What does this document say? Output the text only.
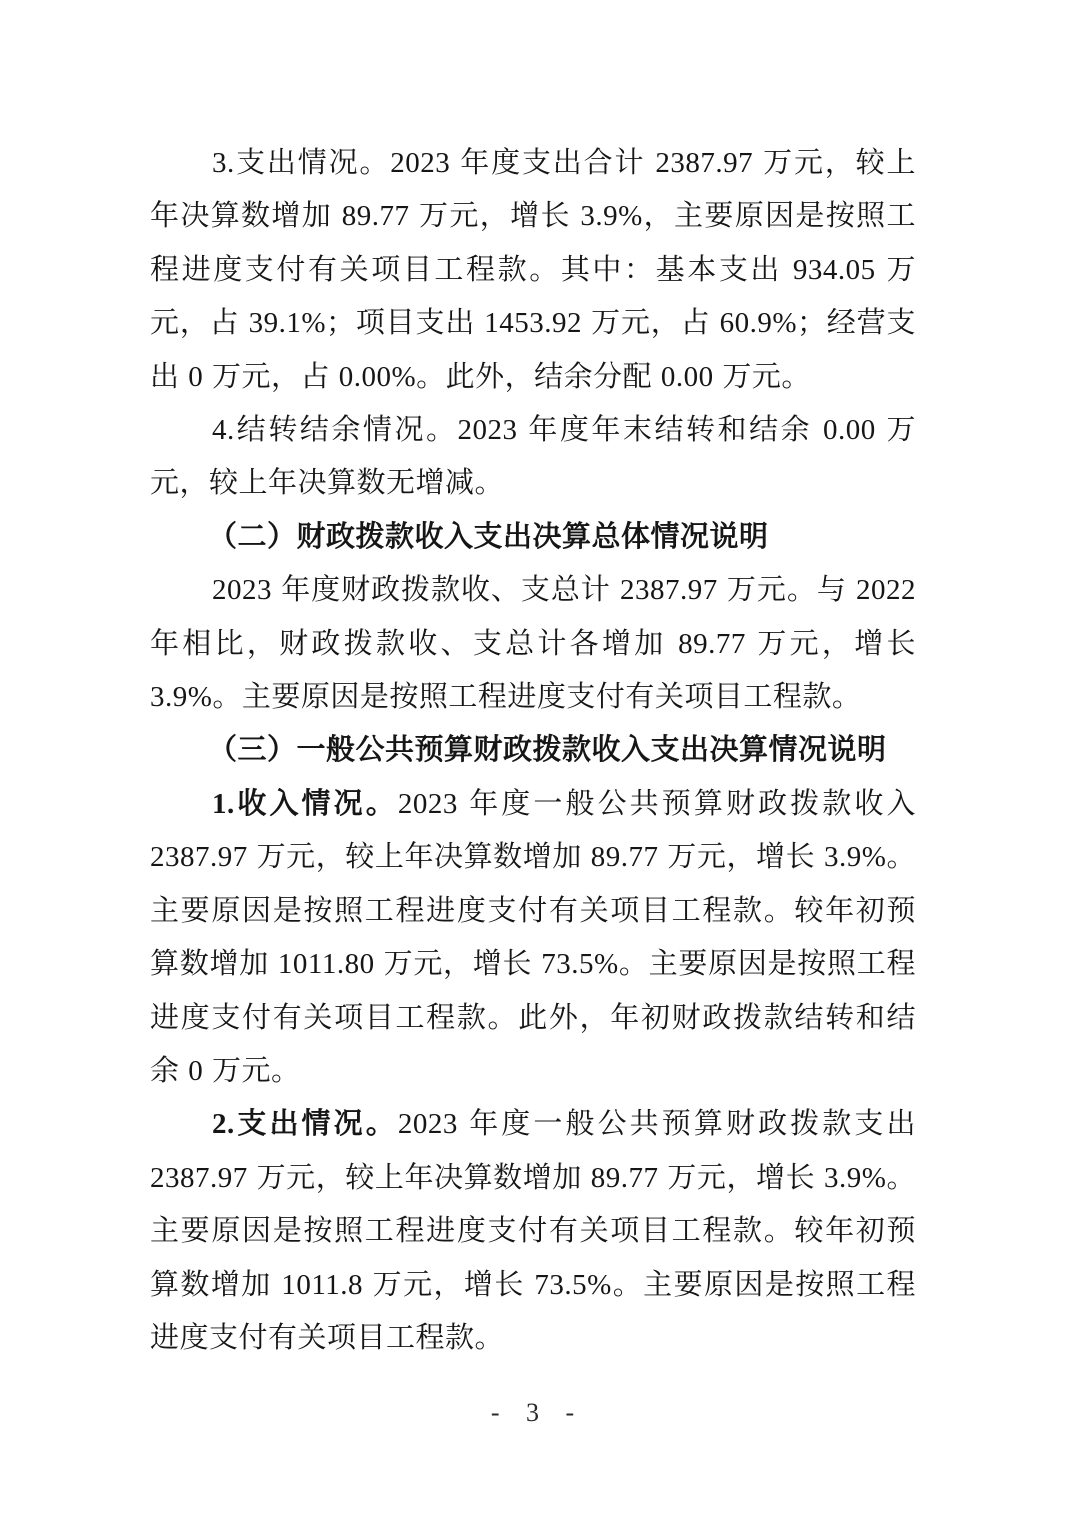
3.支出情况。2023 年度支出合计 2387.97 万元，较上年决算数增加 89.77 万元，增长 3.9%，主要原因是按照工程进度支付有关项目工程款。其中：基本支出 934.05 万元，占 39.1%；项目支出 1453.92 万元，占 60.9%；经营支出 0 万元，占 0.00%。此外，结余分配 0.00 万元。

4.结转结余情况。2023 年度年末结转和结余 0.00 万元，较上年决算数无增减。

（二）财政拨款收入支出决算总体情况说明

2023 年度财政拨款收、支总计 2387.97 万元。与 2022 年相比，财政拨款收、支总计各增加 89.77 万元，增长 3.9%。主要原因是按照工程进度支付有关项目工程款。

（三）一般公共预算财政拨款收入支出决算情况说明

1.收入情况。2023 年度一般公共预算财政拨款收入 2387.97 万元，较上年决算数增加 89.77 万元，增长 3.9%。主要原因是按照工程进度支付有关项目工程款。较年初预算数增加 1011.80 万元，增长 73.5%。主要原因是按照工程进度支付有关项目工程款。此外，年初财政拨款结转和结余 0 万元。

2.支出情况。2023 年度一般公共预算财政拨款支出 2387.97 万元，较上年决算数增加 89.77 万元，增长 3.9%。主要原因是按照工程进度支付有关项目工程款。较年初预算数增加 1011.8 万元，增长 73.5%。主要原因是按照工程进度支付有关项目工程款。

- 3 -
